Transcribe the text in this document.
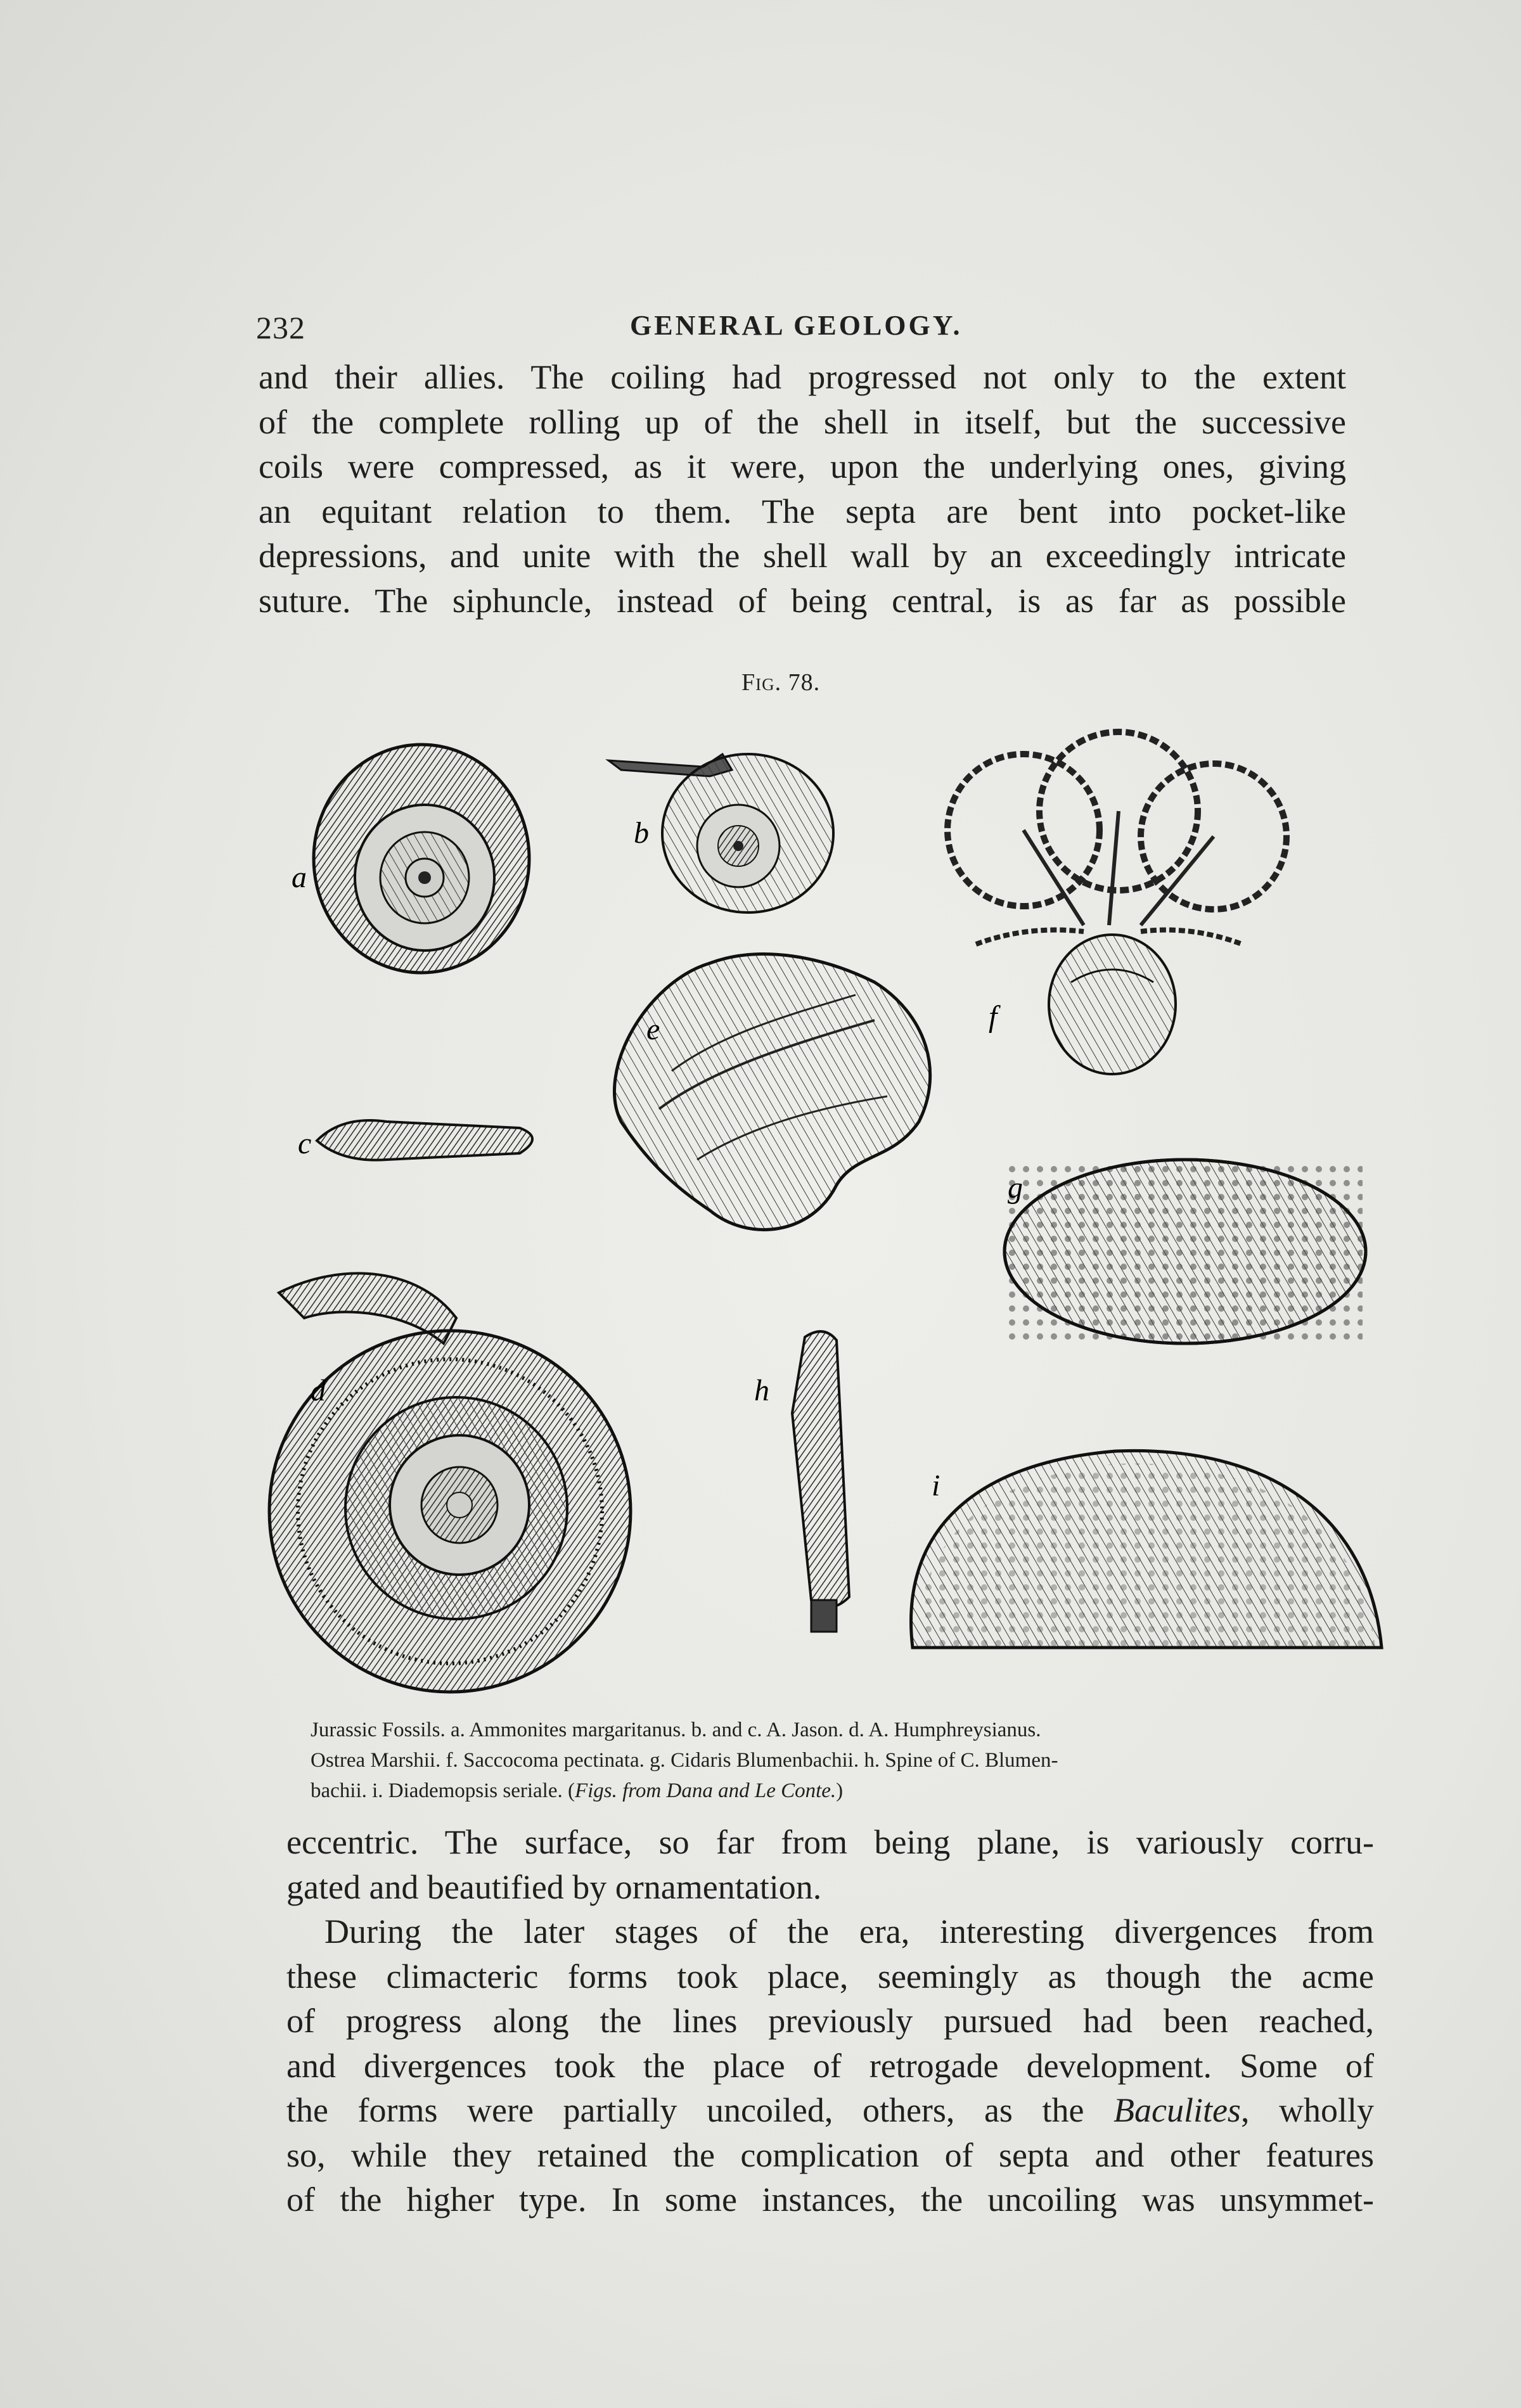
232	GENERAL GEOLOGY.
and their allies. The coiling had progressed not only to the extent
of the complete rolling up of the shell in itself, but the successive
coils were compressed, as it were, upon the underlying ones, giving
an equitant relation to them. The septa are bent into pocket-like
depressions, and unite with the shell wall by an exceedingly intricate
suture. The siphuncle, instead of being central, is as far as possible
Fig. 78.
a
b
e	f
c
g
d	h
i
Jurassic Fossils. a. Ammonites margaritanus. b. and c. A. Jason. d. A. Humphreysianus.
Ostrea Marshii. f. Saccocoma pectinata. g. Cidaris Blumenbachii. h. Spine of C. Blumen-
bachii. i. Diademopsis seriale. (Figs. from Dana and Le Conte.)
eccentric. The surface, so far from being plane, is variously corru-
gated and beautified by ornamentation.
During the later stages of the era, interesting divergences from
these climacteric forms took place, seemingly as though the acme
of progress along the lines previously pursued had been reached,
and divergences took the place of retrogade development. Some of
the forms were partially uncoiled, others, as the Baculites, wholly
so, while they retained the complication of septa and other features
of the higher type. In some instances, the uncoiling was unsymmet-
